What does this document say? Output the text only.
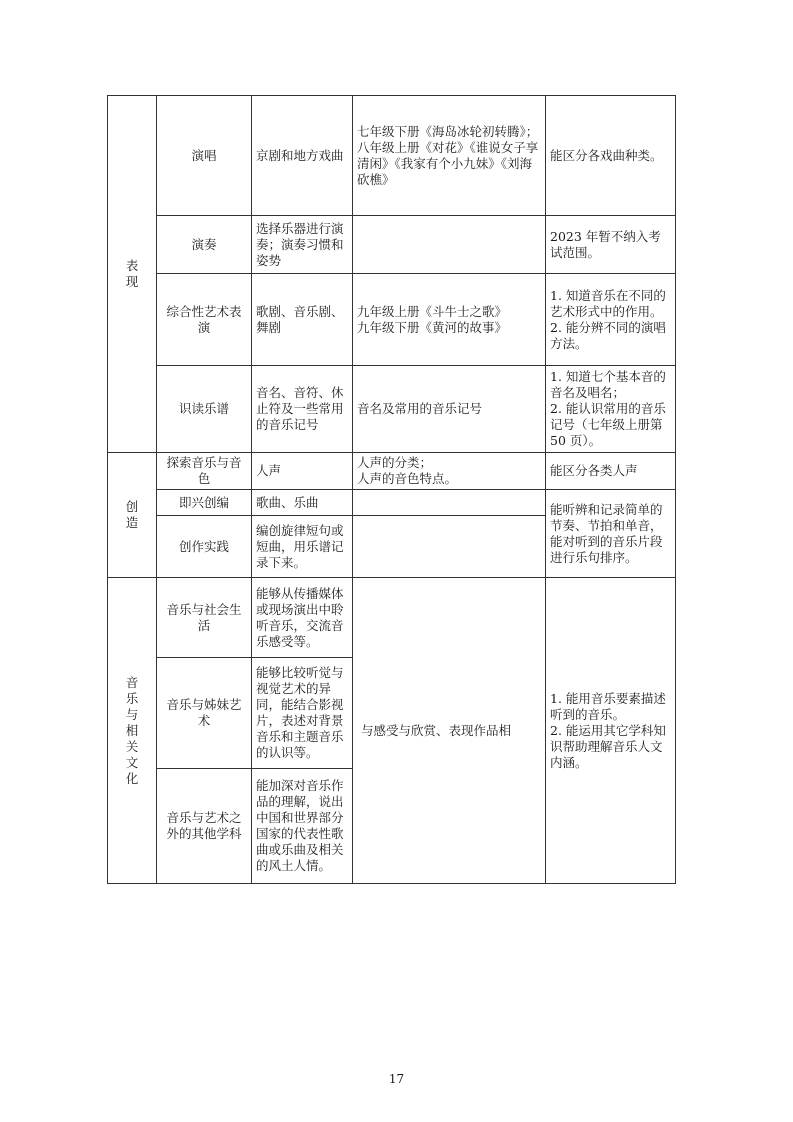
表现	演唱	京剧和地方戏曲	七年级下册《海岛冰轮初转腾》；
八年级上册《对花》《谁说女子享清闲》《我家有个小九妹》《刘海砍樵》	能区分各戏曲种类。
	演奏	选择乐器进行演奏；演奏习惯和姿势		2023 年暂不纳入考试范围。
	综合性艺术表演	歌剧、音乐剧、舞剧	九年级上册《斗牛士之歌》
九年级下册《黄河的故事》	1. 知道音乐在不同的艺术形式中的作用。
2. 能分辨不同的演唱方法。
	识读乐谱	音名、音符、休止符及一些常用的音乐记号	音名及常用的音乐记号	1. 知道七个基本音的音名及唱名；
2. 能认识常用的音乐记号（七年级上册第 50 页）。
创造	探索音乐与音色	人声	人声的分类；
人声的音色特点。	能区分各类人声
	即兴创编	歌曲、乐曲		能听辨和记录简单的节奏、节拍和单音，能对听到的音乐片段进行乐句排序。
	创作实践	编创旋律短句或短曲，用乐谱记录下来。		
音乐与相关文化	音乐与社会生活	能够从传播媒体或现场演出中聆听音乐，交流音乐感受等。	与感受与欣赏、表现作品相	1. 能用音乐要素描述听到的音乐。
2. 能运用其它学科知识帮助理解音乐人文内涵。
	音乐与姊妹艺术	能够比较听觉与视觉艺术的异同，能结合影视片，表述对背景音乐和主题音乐的认识等。		
	音乐与艺术之外的其他学科	能加深对音乐作品的理解，说出中国和世界部分国家的代表性歌曲或乐曲及相关的风土人情。		
17
